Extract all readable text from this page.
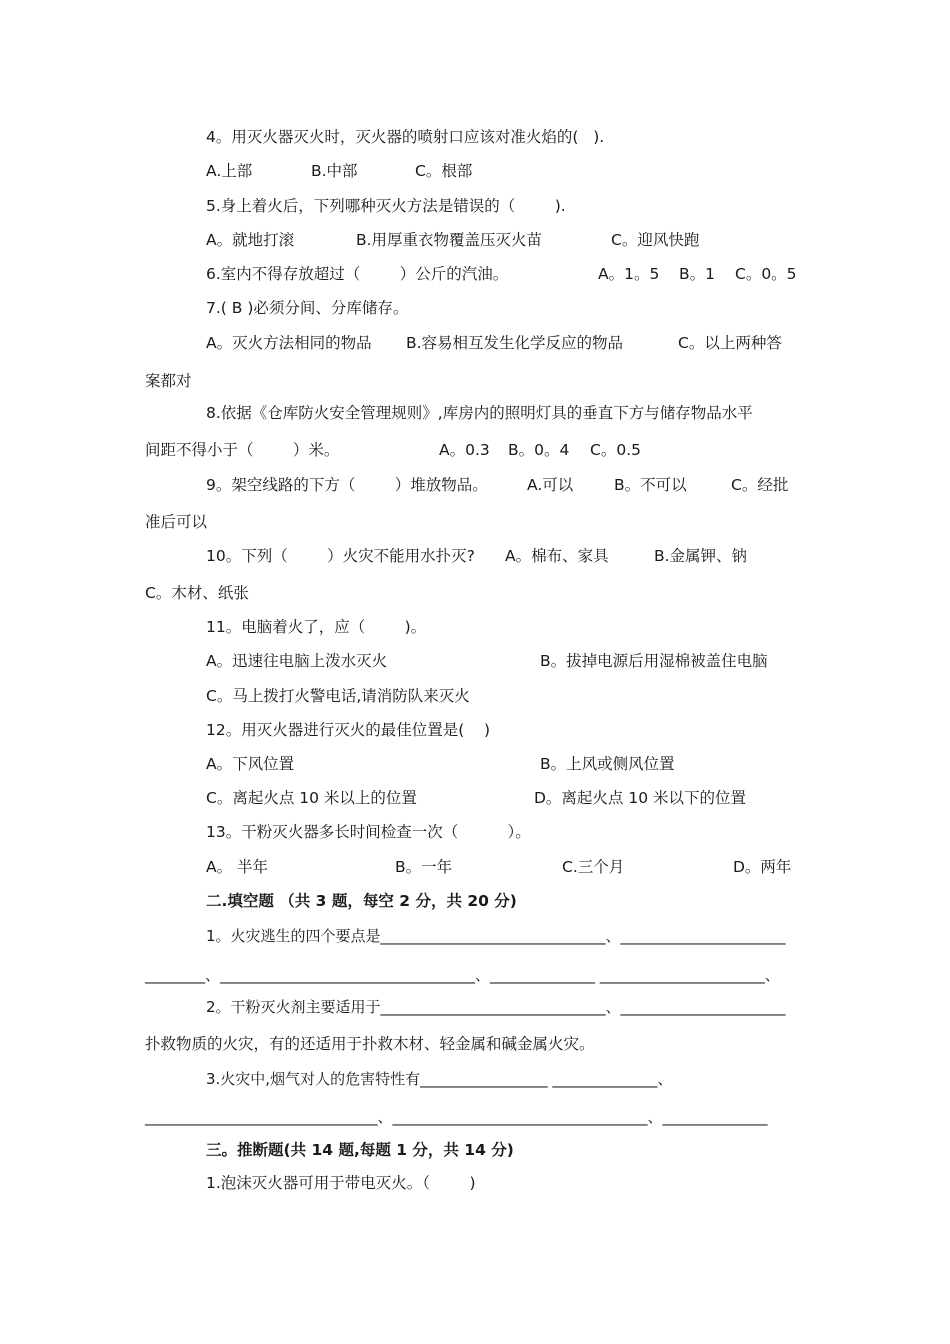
4。用灭火器灭火时，灭火器的喷射口应该对准火焰的(   ).
A.上部	B.中部	C。根部
5.身上着火后，下列哪种灭火方法是错误的（        ).
A。就地打滚	B.用厚重衣物覆盖压灭火苗	C。迎风快跑
6.室内不得存放超过（        ）公斤的汽油。	A。1。5 B。1 C。0。5
7.( B )必须分间、分库储存。
A。灭火方法相同的物品 B.容易相互发生化学反应的物品	C。以上两种答
案都对
8.依据《仓库防火安全管理规则》,库房内的照明灯具的垂直下方与储存物品水平
间距不得小于（        ）米。	A。0.3 B。0。4 C。0.5
9。架空线路的下方（        ）堆放物品。	A.可以	B。不可以	C。经批
准后可以
10。下列（        ）火灾不能用水扑灭? A。棉布、家具	B.金属钾、钠
C。木材、纸张
11。电脑着火了，应（        )。
A。迅速往电脑上泼水灭火	B。拔掉电源后用湿棉被盖住电脑
C。马上拨打火警电话,请消防队来灭火
12。用灭火器进行灭火的最佳位置是(    )
A。下风位置	B。上风或侧风位置
C。离起火点 10 米以上的位置	D。离起火点 10 米以下的位置
13。干粉灭火器多长时间检查一次（          ）。
A。 半年	B。一年	C.三个月	D。两年
二.填空题 （共 3 题，每空 2 分，共 20 分)
1。火灾逃生的四个要点是______________________________、______________________
________、__________________________________、______________ ______________________、
2。干粉灭火剂主要适用于______________________________、______________________
扑救物质的火灾，有的还适用于扑救木材、轻金属和碱金属火灾。
3.火灾中,烟气对人的危害特性有_________________ ______________、
_______________________________、__________________________________、______________
三。推断题(共 14 题,每题 1 分，共 14 分)
1.泡沫灭火器可用于带电灭火。（        )
